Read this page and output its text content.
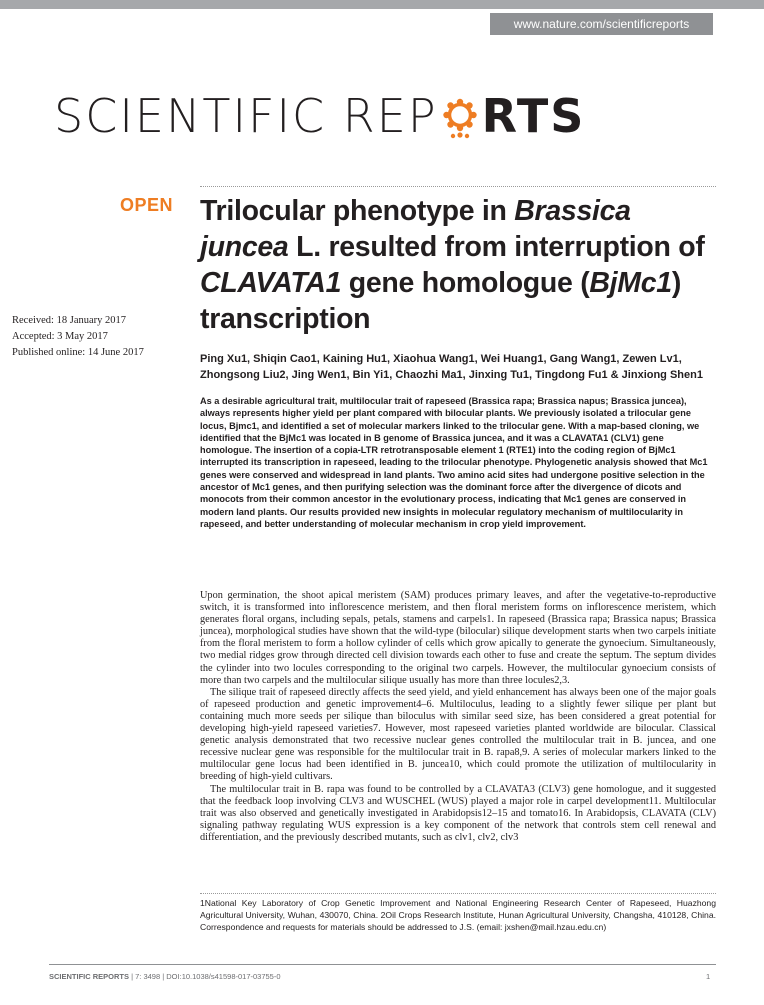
www.nature.com/scientificreports
SCIENTIFIC REP RTS
OPEN
Received: 18 January 2017
Accepted: 3 May 2017
Published online: 14 June 2017
Trilocular phenotype in Brassica juncea L. resulted from interruption of CLAVATA1 gene homologue (BjMc1) transcription
Ping Xu1, Shiqin Cao1, Kaining Hu1, Xiaohua Wang1, Wei Huang1, Gang Wang1, Zewen Lv1, Zhongsong Liu2, Jing Wen1, Bin Yi1, Chaozhi Ma1, Jinxing Tu1, Tingdong Fu1 & Jinxiong Shen1
As a desirable agricultural trait, multilocular trait of rapeseed (Brassica rapa; Brassica napus; Brassica juncea), always represents higher yield per plant compared with bilocular plants. We previously isolated a trilocular gene locus, Bjmc1, and identified a set of molecular markers linked to the trilocular gene. With a map-based cloning, we identified that the BjMc1 was located in B genome of Brassica juncea, and it was a CLAVATA1 (CLV1) gene homologue. The insertion of a copia-LTR retrotransposable element 1 (RTE1) into the coding region of BjMc1 interrupted its transcription in rapeseed, leading to the trilocular phenotype. Phylogenetic analysis showed that Mc1 genes were conserved and widespread in land plants. Two amino acid sites had undergone positive selection in the ancestor of Mc1 genes, and then purifying selection was the dominant force after the divergence of dicots and monocots from their common ancestor in the evolutionary process, indicating that Mc1 genes are conserved in modern land plants. Our results provided new insights in molecular regulatory mechanism of multilocularity in rapeseed, and better understanding of molecular mechanism in crop yield improvement.

Upon germination, the shoot apical meristem (SAM) produces primary leaves, and after the vegetative-to-reproductive switch, it is transformed into inflorescence meristem, and then floral meristem forms on inflorescence meristem, which generates floral organs, including sepals, petals, stamens and carpels1. In rapeseed (Brassica rapa; Brassica napus; Brassica juncea), morphological studies have shown that the wild-type (bilocular) silique development starts when two carpels initiate from the floral meristem to form a hollow cylinder of cells which grow apically to generate the gynoecium. Simultaneously, two medial ridges grow through directed cell division towards each other to fuse and create the septum. The septum divides the cylinder into two locules corresponding to the original two carpels. However, the multilocular gynoecium consists of more than two carpels and the multilocular silique usually has more than three locules2,3.

The silique trait of rapeseed directly affects the seed yield, and yield enhancement has always been one of the major goals of rapeseed production and genetic improvement4–6. Multiloculus, leading to a slightly fewer silique per plant but containing much more seeds per silique than biloculus with similar seed size, has been considered a great potential for developing high-yield rapeseed varieties7. However, most rapeseed varieties planted worldwide are bilocular. Classical genetic analysis demonstrated that two recessive nuclear genes controlled the multilocular trait in B. juncea, and one recessive nuclear gene was responsible for the multilocular trait in B. rapa8,9. A series of molecular markers linked to the multilocular gene locus had been identified in B. juncea10, which could promote the utilization of multilocularity in breeding of high-yield cultivars.

The multilocular trait in B. rapa was found to be controlled by a CLAVATA3 (CLV3) gene homologue, and it suggested that the feedback loop involving CLV3 and WUSCHEL (WUS) played a major role in carpel development11. Multilocular trait was also observed and genetically investigated in Arabidopsis12–15 and tomato16. In Arabidopsis, CLAVATA (CLV) signaling pathway regulating WUS expression is a key component of the network that controls stem cell renewal and differentiation, and the previously described mutants, such as clv1, clv2, clv3

1National Key Laboratory of Crop Genetic Improvement and National Engineering Research Center of Rapeseed, Huazhong Agricultural University, Wuhan, 430070, China. 2Oil Crops Research Institute, Hunan Agricultural University, Changsha, 410128, China. Correspondence and requests for materials should be addressed to J.S. (email: jxshen@mail.hzau.edu.cn)
SCIENTIFIC REPORTS | 7: 3498 | DOI:10.1038/s41598-017-03755-0	1
